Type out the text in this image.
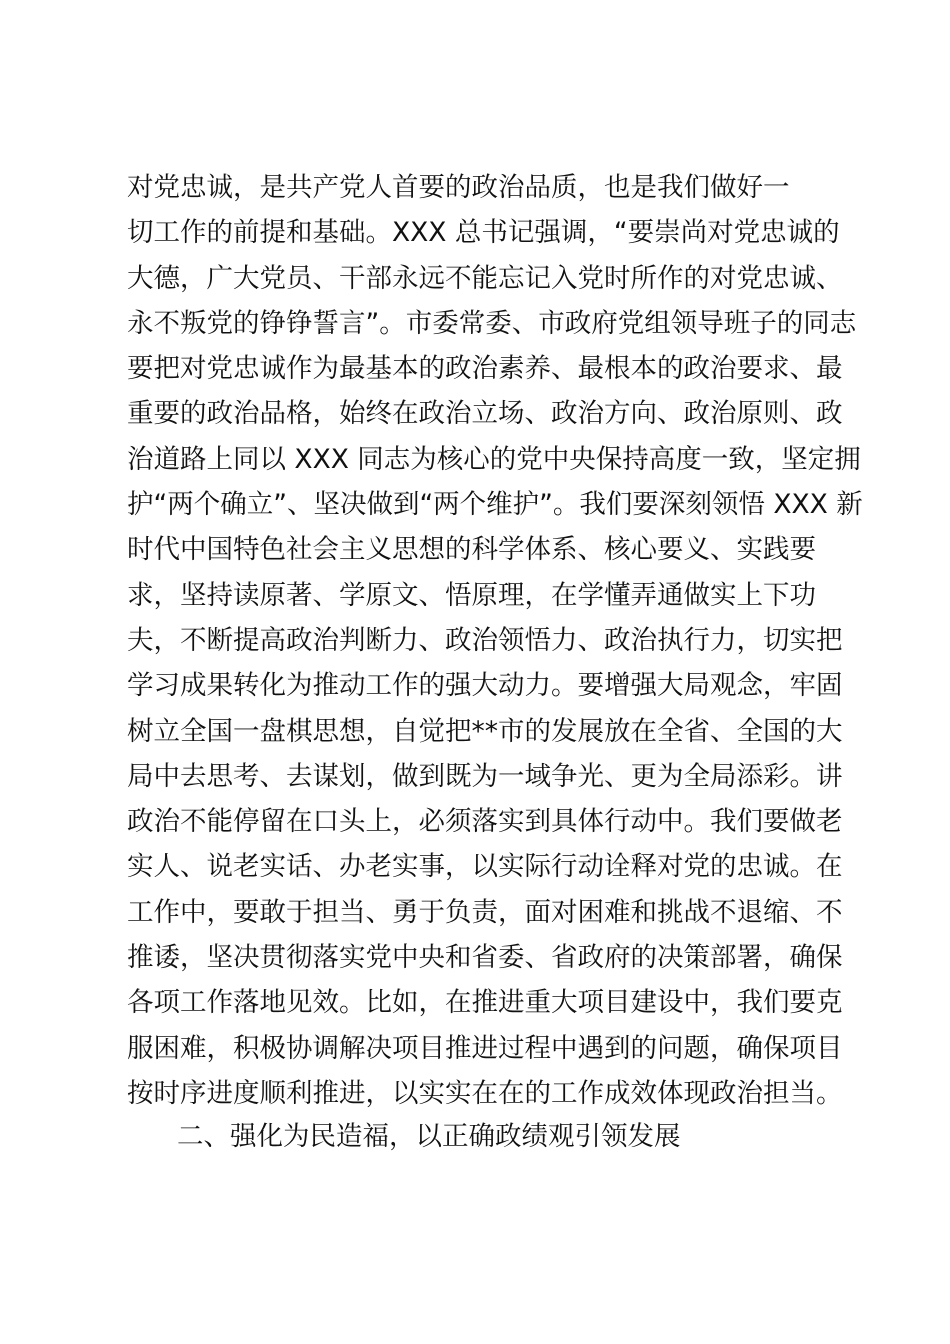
对党忠诚，是共产党人首要的政治品质，也是我们做好一
切工作的前提和基础。XXX 总书记强调，“要崇尚对党忠诚的
大德，广大党员、干部永远不能忘记入党时所作的对党忠诚、
永不叛党的铮铮誓言”。市委常委、市政府党组领导班子的同志
要把对党忠诚作为最基本的政治素养、最根本的政治要求、最
重要的政治品格，始终在政治立场、政治方向、政治原则、政
治道路上同以 XXX 同志为核心的党中央保持高度一致，坚定拥
护“两个确立”、坚决做到“两个维护”。我们要深刻领悟 XXX 新
时代中国特色社会主义思想的科学体系、核心要义、实践要
求，坚持读原著、学原文、悟原理，在学懂弄通做实上下功
夫，不断提高政治判断力、政治领悟力、政治执行力，切实把
学习成果转化为推动工作的强大动力。要增强大局观念，牢固
树立全国一盘棋思想，自觉把**市的发展放在全省、全国的大
局中去思考、去谋划，做到既为一域争光、更为全局添彩。讲
政治不能停留在口头上，必须落实到具体行动中。我们要做老
实人、说老实话、办老实事，以实际行动诠释对党的忠诚。在
工作中，要敢于担当、勇于负责，面对困难和挑战不退缩、不
推诿，坚决贯彻落实党中央和省委、省政府的决策部署，确保
各项工作落地见效。比如，在推进重大项目建设中，我们要克
服困难，积极协调解决项目推进过程中遇到的问题，确保项目
按时序进度顺利推进，以实实在在的工作成效体现政治担当。
二、强化为民造福，以正确政绩观引领发展
